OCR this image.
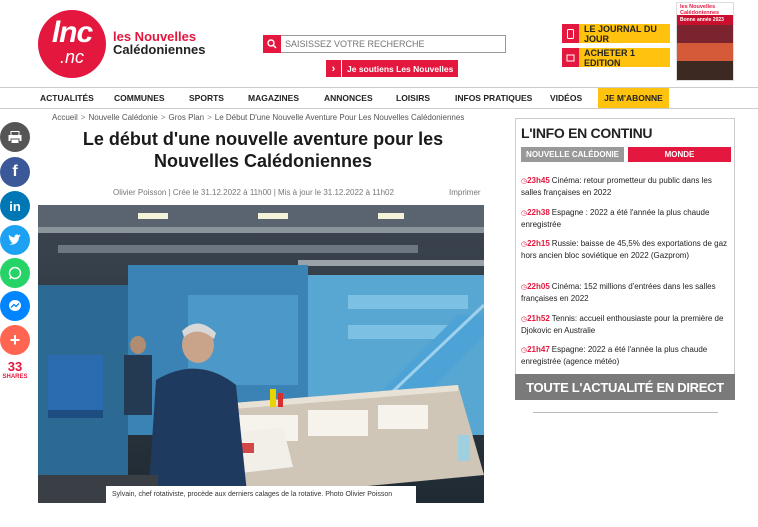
lnc
.nc
les Nouvelles
Calédoniennes
SAISISSEZ VOTRE RECHERCHE
›	Je soutiens Les Nouvelles
LE JOURNAL DU JOUR
ACHETER 1 EDITION
les Nouvelles Calédoniennes
Bonne année 2023
ACTUALITÉS COMMUNES	SPORTS	MAGAZINES	ANNONCES	LOISIRS	INFOS PRATIQUES VIDÉOS	JE M'ABONNE
f
in
+
33
SHARES
Accueil > Nouvelle Calédonie > Gros Plan > Le Début D'une Nouvelle Aventure Pour Les Nouvelles Calédoniennes
Le début d'une nouvelle aventure pour les Nouvelles Calédoniennes
Olivier Poisson | Crée le 31.12.2022 à 11h00 | Mis à jour le 31.12.2022 à 11h02	Imprimer
Sylvain, chef rotativiste, procède aux derniers calages de la rotative. Photo Olivier Poisson
L'INFO EN CONTINU
NOUVELLE CALÉDONIE	MONDE
◷23h45 Cinéma: retour prometteur du public dans les salles françaises en 2022
◷22h38 Espagne : 2022 a été l'année la plus chaude enregistrée
◷22h15 Russie: baisse de 45,5% des exportations de gaz hors ancien bloc soviétique en 2022 (Gazprom)
◷22h05 Cinéma: 152 millions d'entrées dans les salles françaises en 2022
◷21h52 Tennis: accueil enthousiaste pour la première de Djokovic en Australie
◷21h47 Espagne: 2022 a été l'année la plus chaude enregistrée (agence météo)
TOUTE L'ACTUALITÉ EN DIRECT
